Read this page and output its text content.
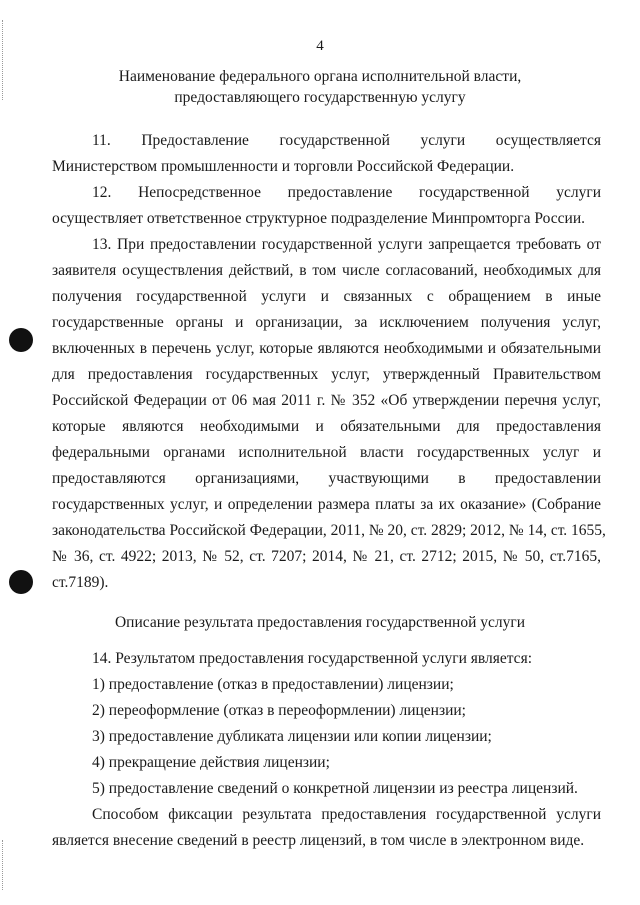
4
Наименование федерального органа исполнительной власти,
предоставляющего государственную услугу
11. Предоставление государственной услуги осуществляется
Министерством промышленности и торговли Российской Федерации.
12. Непосредственное предоставление государственной услуги
осуществляет ответственное структурное подразделение Минпромторга России.
13. При предоставлении государственной услуги запрещается требовать от
заявителя осуществления действий, в том числе согласований, необходимых для
получения государственной услуги и связанных с обращением в иные
государственные органы и организации, за исключением получения услуг,
включенных в перечень услуг, которые являются необходимыми и обязательными
для предоставления государственных услуг, утвержденный Правительством
Российской Федерации от 06 мая 2011 г. № 352 «Об утверждении перечня услуг,
которые являются необходимыми и обязательными для предоставления
федеральными органами исполнительной власти государственных услуг и
предоставляются организациями, участвующими в предоставлении
государственных услуг, и определении размера платы за их оказание» (Собрание
законодательства Российской Федерации, 2011, № 20, ст. 2829; 2012, № 14, ст. 1655,
№ 36, ст. 4922; 2013, № 52, ст. 7207; 2014, № 21, ст. 2712; 2015, № 50, ст.7165,
ст.7189).
Описание результата предоставления государственной услуги
14. Результатом предоставления государственной услуги является:
1) предоставление (отказ в предоставлении) лицензии;
2) переоформление (отказ в переоформлении) лицензии;
3) предоставление дубликата лицензии или копии лицензии;
4) прекращение действия лицензии;
5) предоставление сведений о конкретной лицензии из реестра лицензий.
Способом фиксации результата предоставления государственной услуги
является внесение сведений в реестр лицензий, в том числе в электронном виде.
